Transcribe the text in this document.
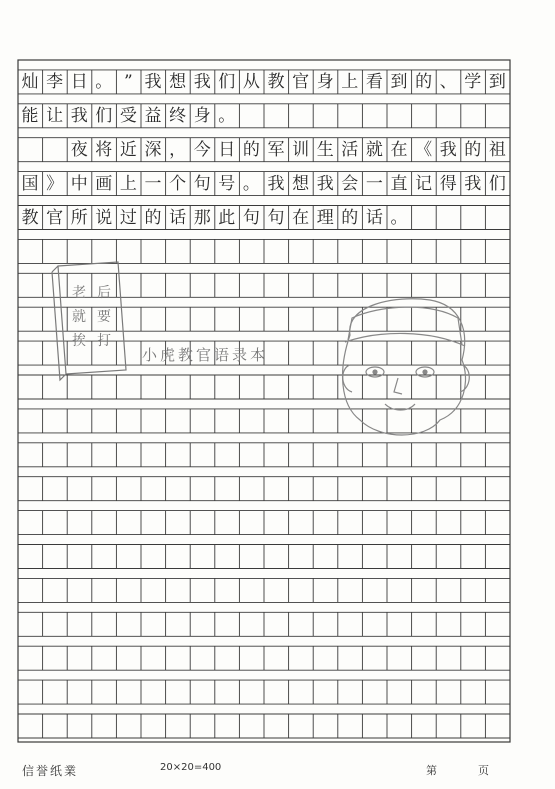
灿 李 日 。 ” 我 想 我 们 从 教 官 身 上 看 到 的 、 学 到
能 让 我 们 受 益 终 身 。
夜 将 近 深 ， 今 日 的 军 训 生 活 就 在 《 我 的 祖
国 》 中 画 上 一 个 句 号 。 我 想 我 会 一 直 记 得 我 们
教 官 所 说 过 的 话 那 此 句 句 在 理 的 话 。
老 后
就 要
挨 打
小虎教官语录本
信誉纸業	20×20=400	第	页
